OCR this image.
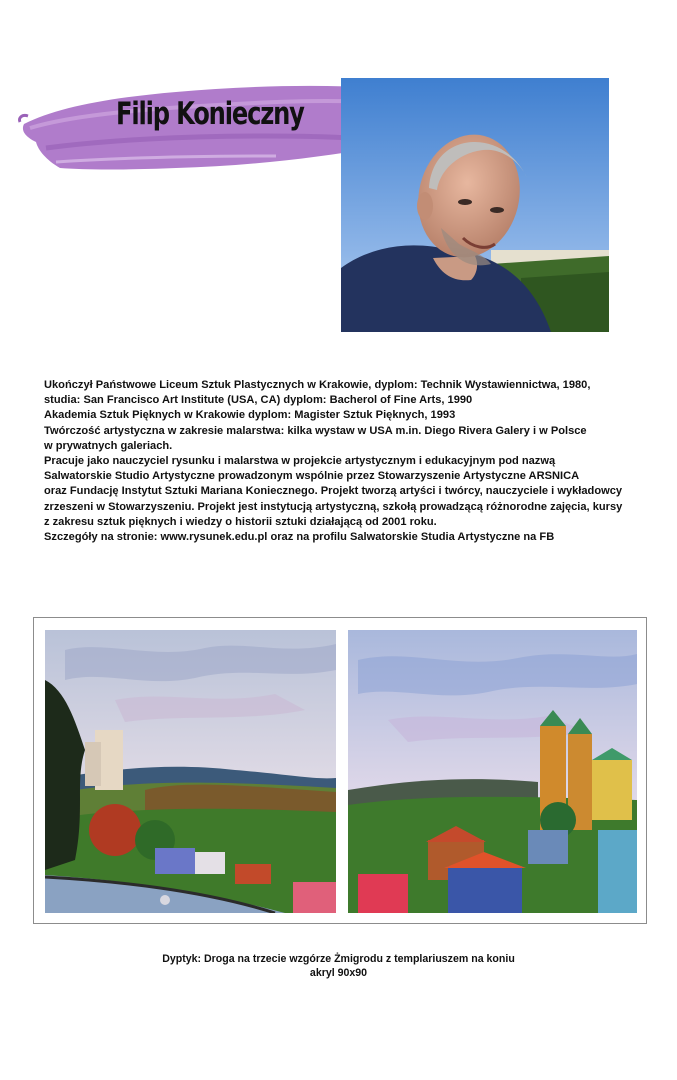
Filip Konieczny
Ukończył Państwowe Liceum Sztuk Plastycznych w Krakowie, dyplom: Technik Wystawiennictwa, 1980,
studia: San Francisco Art Institute (USA, CA) dyplom: Bacherol of Fine Arts, 1990
Akademia Sztuk Pięknych w Krakowie dyplom: Magister Sztuk Pięknych, 1993
Twórczość artystyczna w zakresie malarstwa: kilka wystaw w USA m.in. Diego Rivera Galery i w Polsce
w prywatnych galeriach.
Pracuje jako nauczyciel rysunku i malarstwa w projekcie artystycznym i edukacyjnym pod nazwą
Salwatorskie Studio Artystyczne prowadzonym wspólnie przez Stowarzyszenie Artystyczne ARSNICA
oraz Fundację Instytut Sztuki Mariana Koniecznego. Projekt tworzą artyści i twórcy, nauczyciele i wykładowcy
zrzeszeni w Stowarzyszeniu. Projekt jest instytucją artystyczną, szkołą prowadzącą różnorodne zajęcia, kursy
z zakresu sztuk pięknych i wiedzy o historii sztuki działającą od 2001 roku.
Szczegóły na stronie: www.rysunek.edu.pl oraz na profilu Salwatorskie Studia Artystyczne na FB
Dyptyk: Droga na trzecie wzgórze Żmigrodu z templariuszem na koniu
akryl 90x90
